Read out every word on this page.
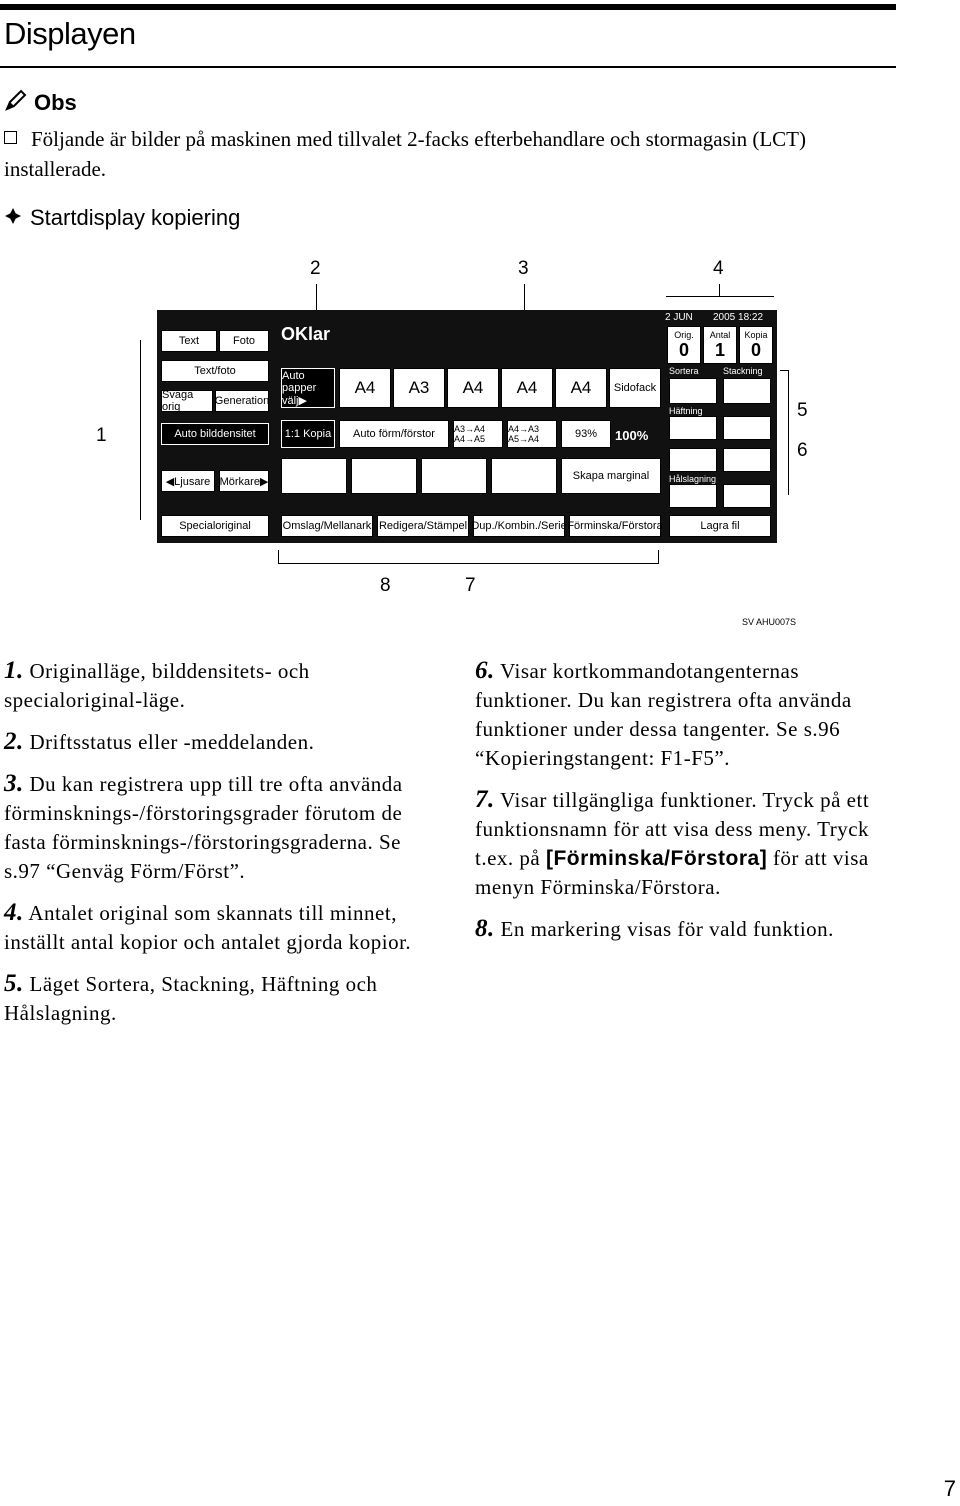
Displayen
Obs
Följande är bilder på maskinen med tillvalet 2-facks efterbehandlare och stormagasin (LCT) installerade.
Startdisplay kopiering
2	3	4
1
5
6
8	7
OKlar
2 JUN 2005 18:22
Orig.
0
Antal
1
Kopia
0
Text	Foto
Text/foto
Svaga orig	Generation
Auto bilddensitet
◀Ljusare Mörkare▶
Specialoriginal
Auto papper välj▶
A4	A3	A4	A4	A4	Sidofack
1:1 Kopia	Auto förm/förstor	A3→A4 A4→A5
A4→A3 A5→A4	93%	100%
Skapa marginal
Sortera	Stackning
Häftning
Hålslagning
Omslag/Mellanark Redigera/Stämpel Dup./Kombin./Serie Förminska/Förstora	Lagra fil
SV AHU007S
1. Originalläge, bilddensitets- och specialoriginal-läge.
2. Driftsstatus eller -meddelanden.
3. Du kan registrera upp till tre ofta använda förminsknings-/förstoringsgrader förutom de fasta förminsknings-/förstoringsgraderna. Se s.97 “Genväg Förm/Först”.
4. Antalet original som skannats till minnet, inställt antal kopior och antalet gjorda kopior.
5. Läget Sortera, Stackning, Häftning och Hålslagning.
6. Visar kortkommandotangenternas funktioner. Du kan registrera ofta använda funktioner under dessa tangenter. Se s.96 “Kopieringstangent: F1-F5”.
7. Visar tillgängliga funktioner. Tryck på ett funktionsnamn för att visa dess meny. Tryck t.ex. på [Förminska/Förstora] för att visa menyn Förminska/Förstora.
8. En markering visas för vald funktion.
7
